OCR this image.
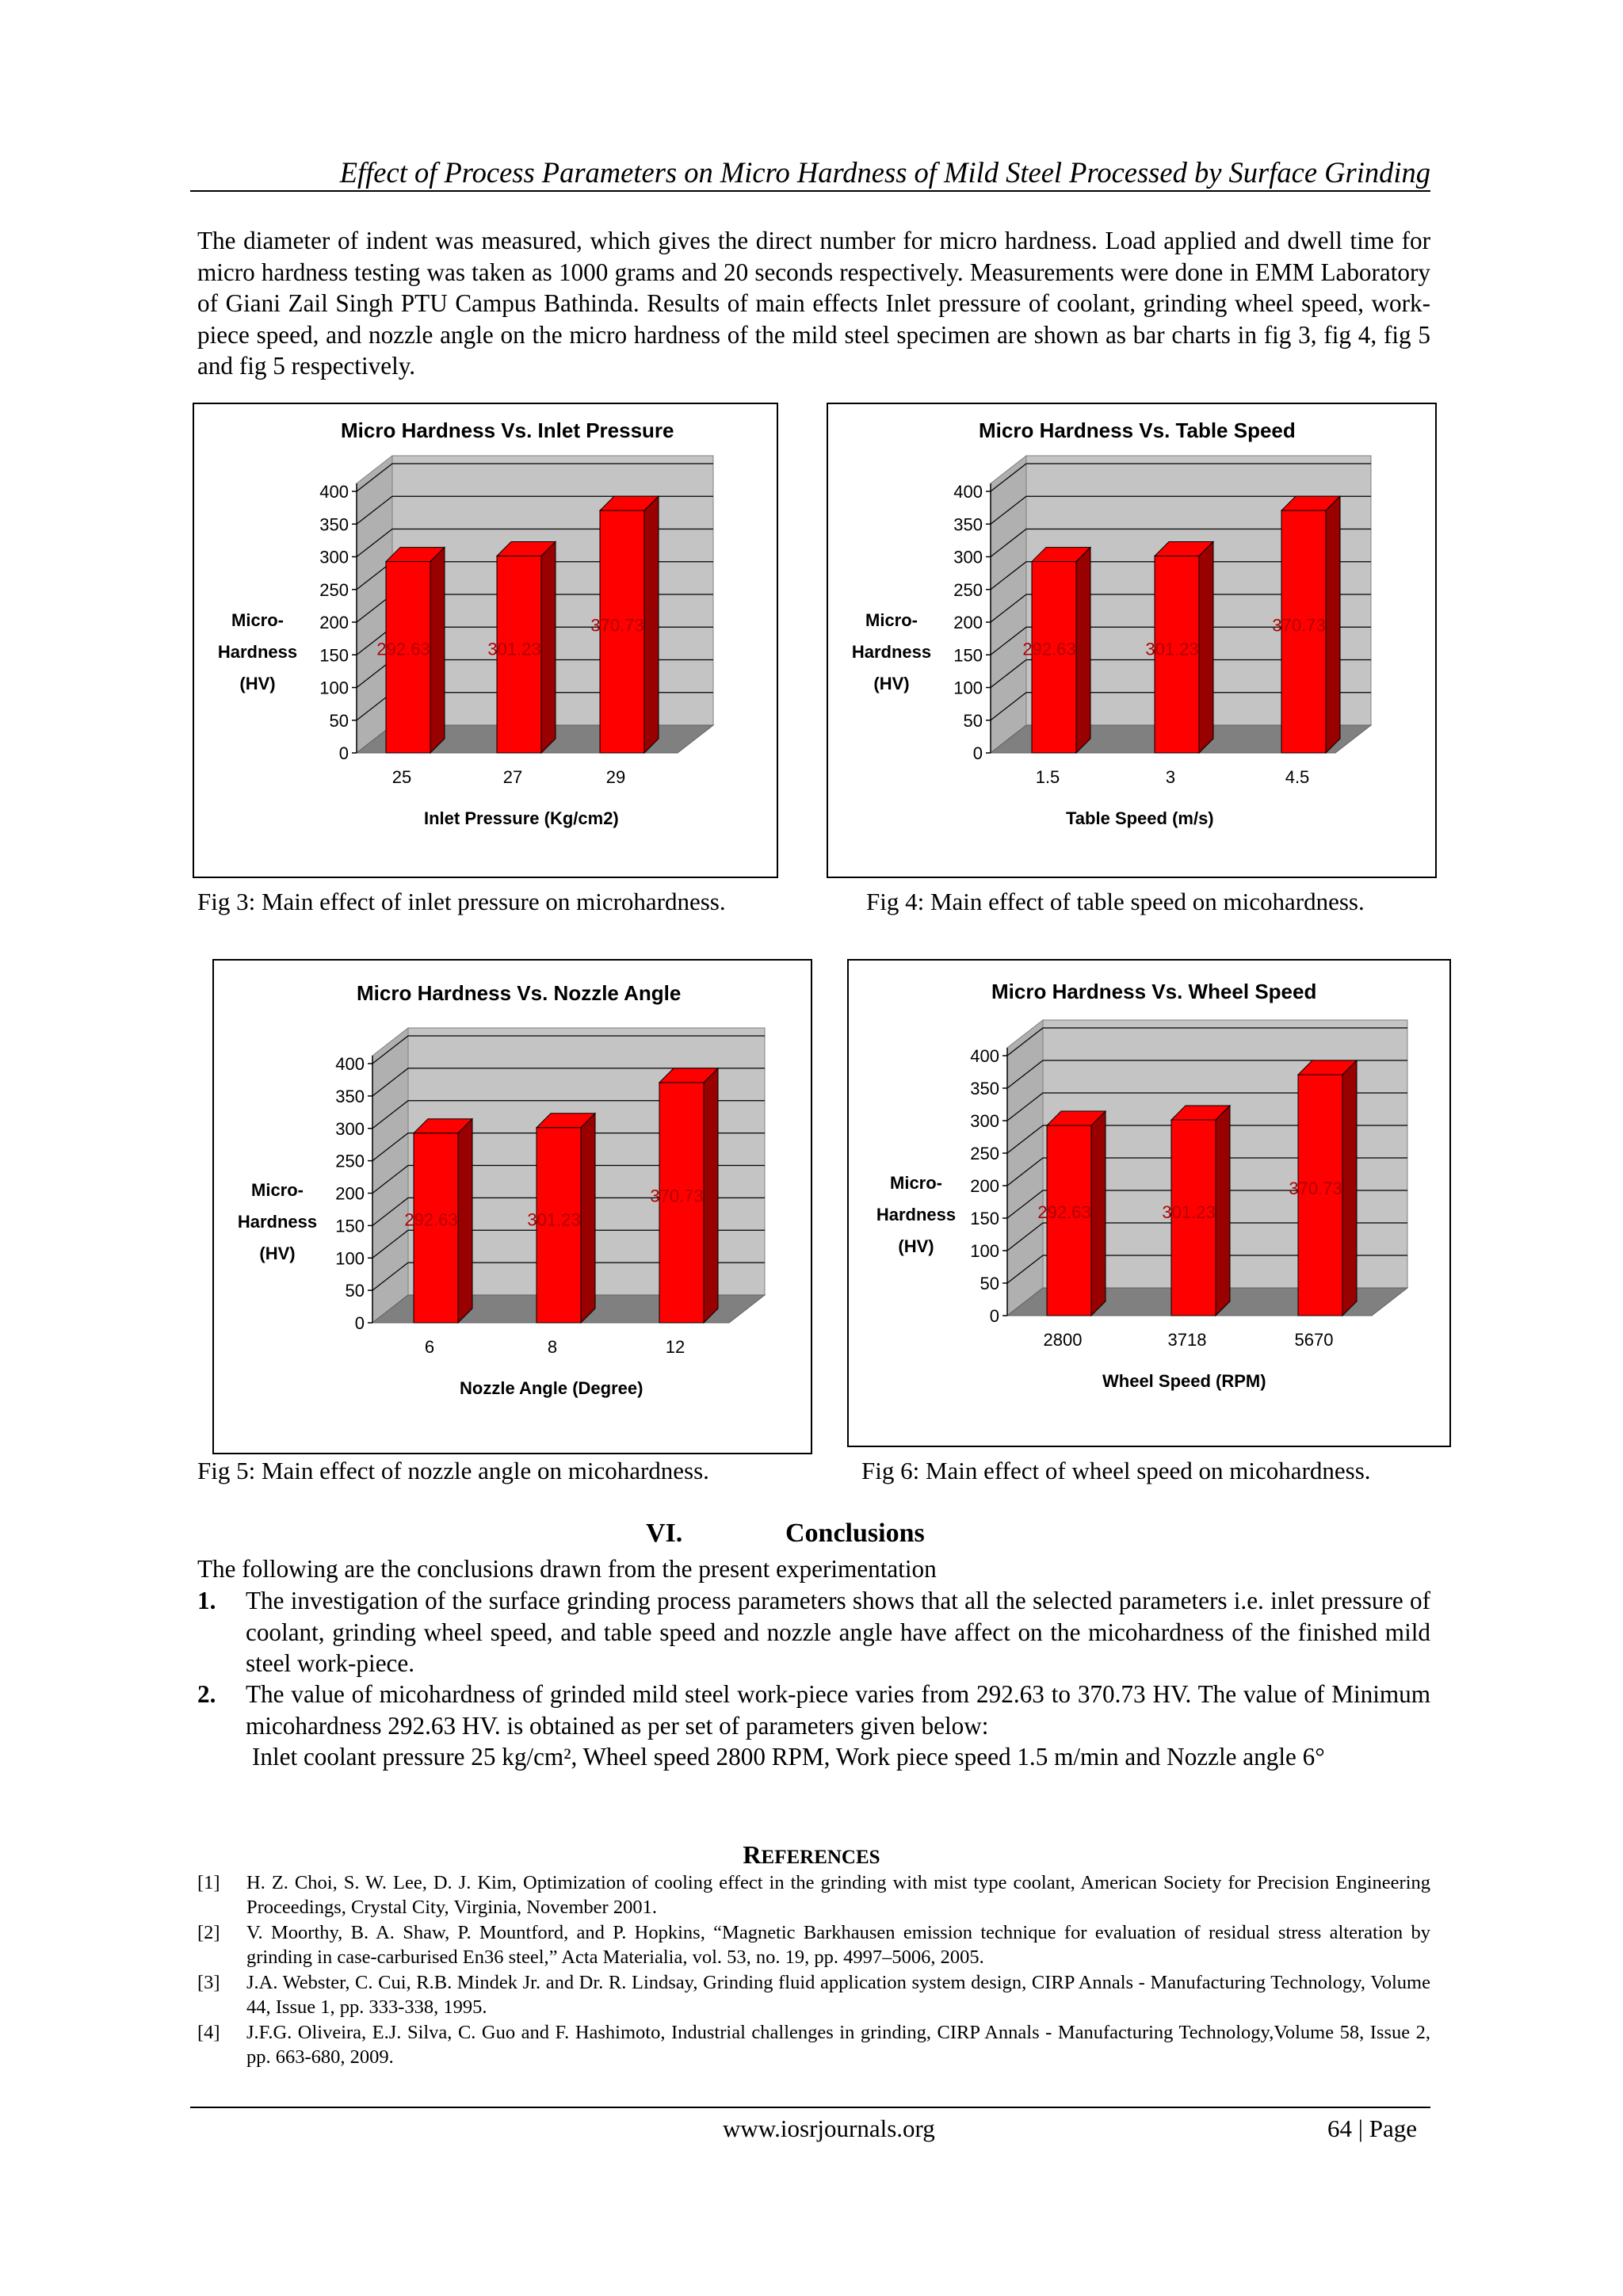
Effect of Process Parameters on Micro Hardness of Mild Steel Processed by Surface Grinding
The diameter of indent was measured, which gives the direct number for micro hardness. Load applied and dwell time for micro hardness testing was taken as 1000 grams and 20 seconds respectively. Measurements were done in EMM Laboratory of Giani Zail Singh PTU Campus Bathinda. Results of main effects Inlet pressure of coolant, grinding wheel speed, work-piece speed, and nozzle angle on the micro hardness of the mild steel specimen are shown as bar charts in fig 3, fig 4, fig 5 and fig 5 respectively.
0
50
100
150
200
250
300
350
400
292.63
25
301.23
27
370.73
29
Micro Hardness Vs. Inlet Pressure
Micro-
Hardness
(HV)
Inlet Pressure (Kg/cm2)
0
50
100
150
200
250
300
350
400
292.63
1.5
301.23
3
370.73
4.5
Micro Hardness Vs. Table Speed
Micro-
Hardness
(HV)
Table Speed (m/s)
0
50
100
150
200
250
300
350
400
292.63
6
301.23
8
370.73
12
Micro Hardness Vs. Nozzle Angle
Micro-
Hardness
(HV)
Nozzle Angle (Degree)
0
50
100
150
200
250
300
350
400
292.63
2800
301.23
3718
370.73
5670
Micro Hardness Vs. Wheel Speed
Micro-
Hardness
(HV)
Wheel Speed (RPM)
Fig 3: Main effect of inlet pressure on microhardness.	Fig 4: Main effect of table speed on micohardness.
Fig 5: Main effect of nozzle angle on micohardness.	Fig 6: Main effect of wheel speed on micohardness.
VI.	Conclusions
The following are the conclusions drawn from the present experimentation
1. The investigation of the surface grinding process parameters shows that all the selected parameters i.e. inlet pressure of coolant, grinding wheel speed, and table speed and nozzle angle have affect on the micohardness of the finished mild steel work-piece.
2. The value of micohardness of grinded mild steel work-piece varies from 292.63 to 370.73 HV. The value of Minimum micohardness 292.63 HV. is obtained as per set of parameters given below:
Inlet coolant pressure 25 kg/cm², Wheel speed 2800 RPM, Work piece speed 1.5 m/min and Nozzle angle 6°
REFERENCES
[1]	H. Z. Choi, S. W. Lee, D. J. Kim, Optimization of cooling effect in the grinding with mist type coolant, American Society for Precision Engineering Proceedings, Crystal City, Virginia, November 2001.
[2]	V. Moorthy, B. A. Shaw, P. Mountford, and P. Hopkins, “Magnetic Barkhausen emission technique for evaluation of residual stress alteration by grinding in case-carburised En36 steel,” Acta Materialia, vol. 53, no. 19, pp. 4997–5006, 2005.
[3]	J.A. Webster, C. Cui, R.B. Mindek Jr. and Dr. R. Lindsay, Grinding fluid application system design, CIRP Annals - Manufacturing Technology, Volume 44, Issue 1, pp. 333-338, 1995.
[4]	J.F.G. Oliveira, E.J. Silva, C. Guo and F. Hashimoto, Industrial challenges in grinding, CIRP Annals - Manufacturing Technology,Volume 58, Issue 2, pp. 663-680, 2009.
www.iosrjournals.org	64 | Page
